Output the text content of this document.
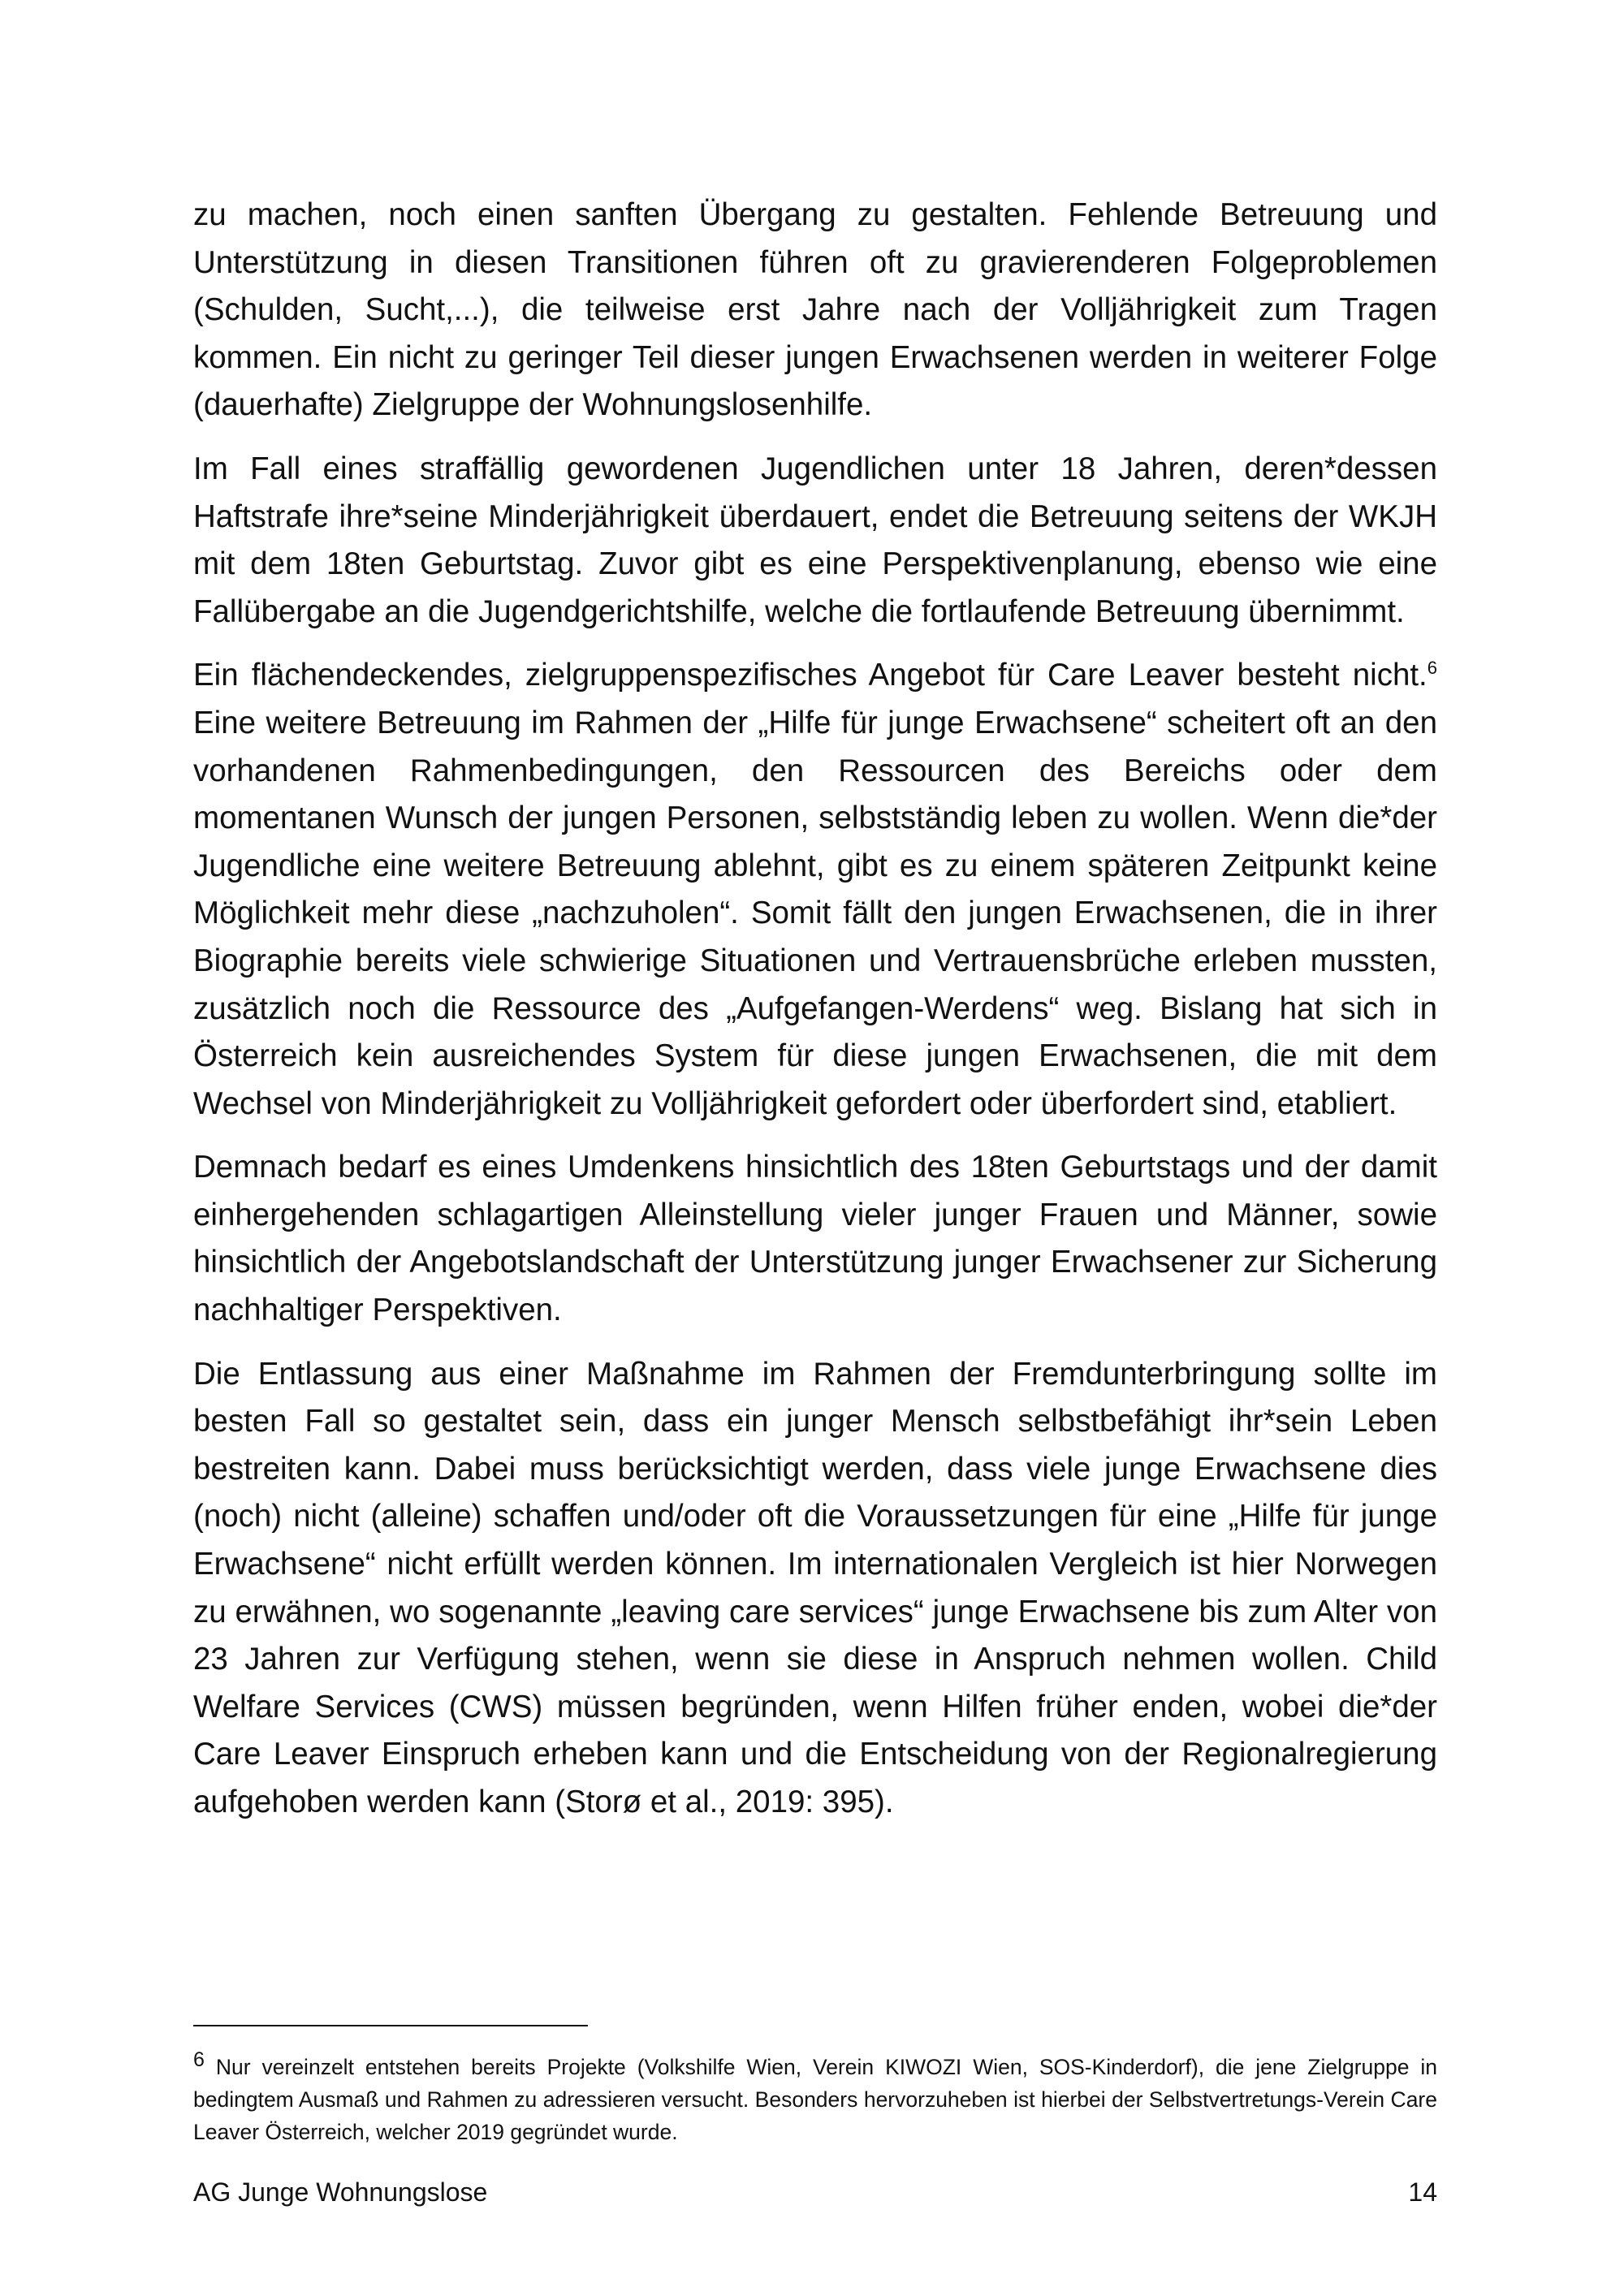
zu machen, noch einen sanften Übergang zu gestalten. Fehlende Betreuung und Unterstützung in diesen Transitionen führen oft zu gravierenderen Folgeproblemen (Schulden, Sucht,...), die teilweise erst Jahre nach der Volljährigkeit zum Tragen kommen. Ein nicht zu geringer Teil dieser jungen Erwachsenen werden in weiterer Folge (dauerhafte) Zielgruppe der Wohnungslosenhilfe.

Im Fall eines straffällig gewordenen Jugendlichen unter 18 Jahren, deren*dessen Haftstrafe ihre*seine Minderjährigkeit überdauert, endet die Betreuung seitens der WKJH mit dem 18ten Geburtstag. Zuvor gibt es eine Perspektivenplanung, ebenso wie eine Fallübergabe an die Jugendgerichtshilfe, welche die fortlaufende Betreuung übernimmt.

Ein flächendeckendes, zielgruppenspezifisches Angebot für Care Leaver besteht nicht.$^6$ Eine weitere Betreuung im Rahmen der „Hilfe für junge Erwachsene“ scheitert oft an den vorhandenen Rahmenbedingungen, den Ressourcen des Bereichs oder dem momentanen Wunsch der jungen Personen, selbstständig leben zu wollen. Wenn die*der Jugendliche eine weitere Betreuung ablehnt, gibt es zu einem späteren Zeitpunkt keine Möglichkeit mehr diese „nachzuholen“. Somit fällt den jungen Erwachsenen, die in ihrer Biographie bereits viele schwierige Situationen und Vertrauensbrüche erleben mussten, zusätzlich noch die Ressource des „Aufgefangen-Werdens“ weg. Bislang hat sich in Österreich kein ausreichendes System für diese jungen Erwachsenen, die mit dem Wechsel von Minderjährigkeit zu Volljährigkeit gefordert oder überfordert sind, etabliert.

Demnach bedarf es eines Umdenkens hinsichtlich des 18ten Geburtstags und der damit einhergehenden schlagartigen Alleinstellung vieler junger Frauen und Männer, sowie hinsichtlich der Angebotslandschaft der Unterstützung junger Erwachsener zur Sicherung nachhaltiger Perspektiven.

Die Entlassung aus einer Maßnahme im Rahmen der Fremdunterbringung sollte im besten Fall so gestaltet sein, dass ein junger Mensch selbstbefähigt ihr*sein Leben bestreiten kann. Dabei muss berücksichtigt werden, dass viele junge Erwachsene dies (noch) nicht (alleine) schaffen und/oder oft die Voraussetzungen für eine „Hilfe für junge Erwachsene“ nicht erfüllt werden können. Im internationalen Vergleich ist hier Norwegen zu erwähnen, wo sogenannte „leaving care services“ junge Erwachsene bis zum Alter von 23 Jahren zur Verfügung stehen, wenn sie diese in Anspruch nehmen wollen. Child Welfare Services (CWS) müssen begründen, wenn Hilfen früher enden, wobei die*der Care Leaver Einspruch erheben kann und die Entscheidung von der Regionalregierung aufgehoben werden kann (Storø et al., 2019: 395).

$^6$ Nur vereinzelt entstehen bereits Projekte (Volkshilfe Wien, Verein KIWOZI Wien, SOS-Kinderdorf), die jene Zielgruppe in bedingtem Ausmaß und Rahmen zu adressieren versucht. Besonders hervorzuheben ist hierbei der Selbstvertretungs-Verein Care Leaver Österreich, welcher 2019 gegründet wurde.

AG Junge Wohnungslose	14
